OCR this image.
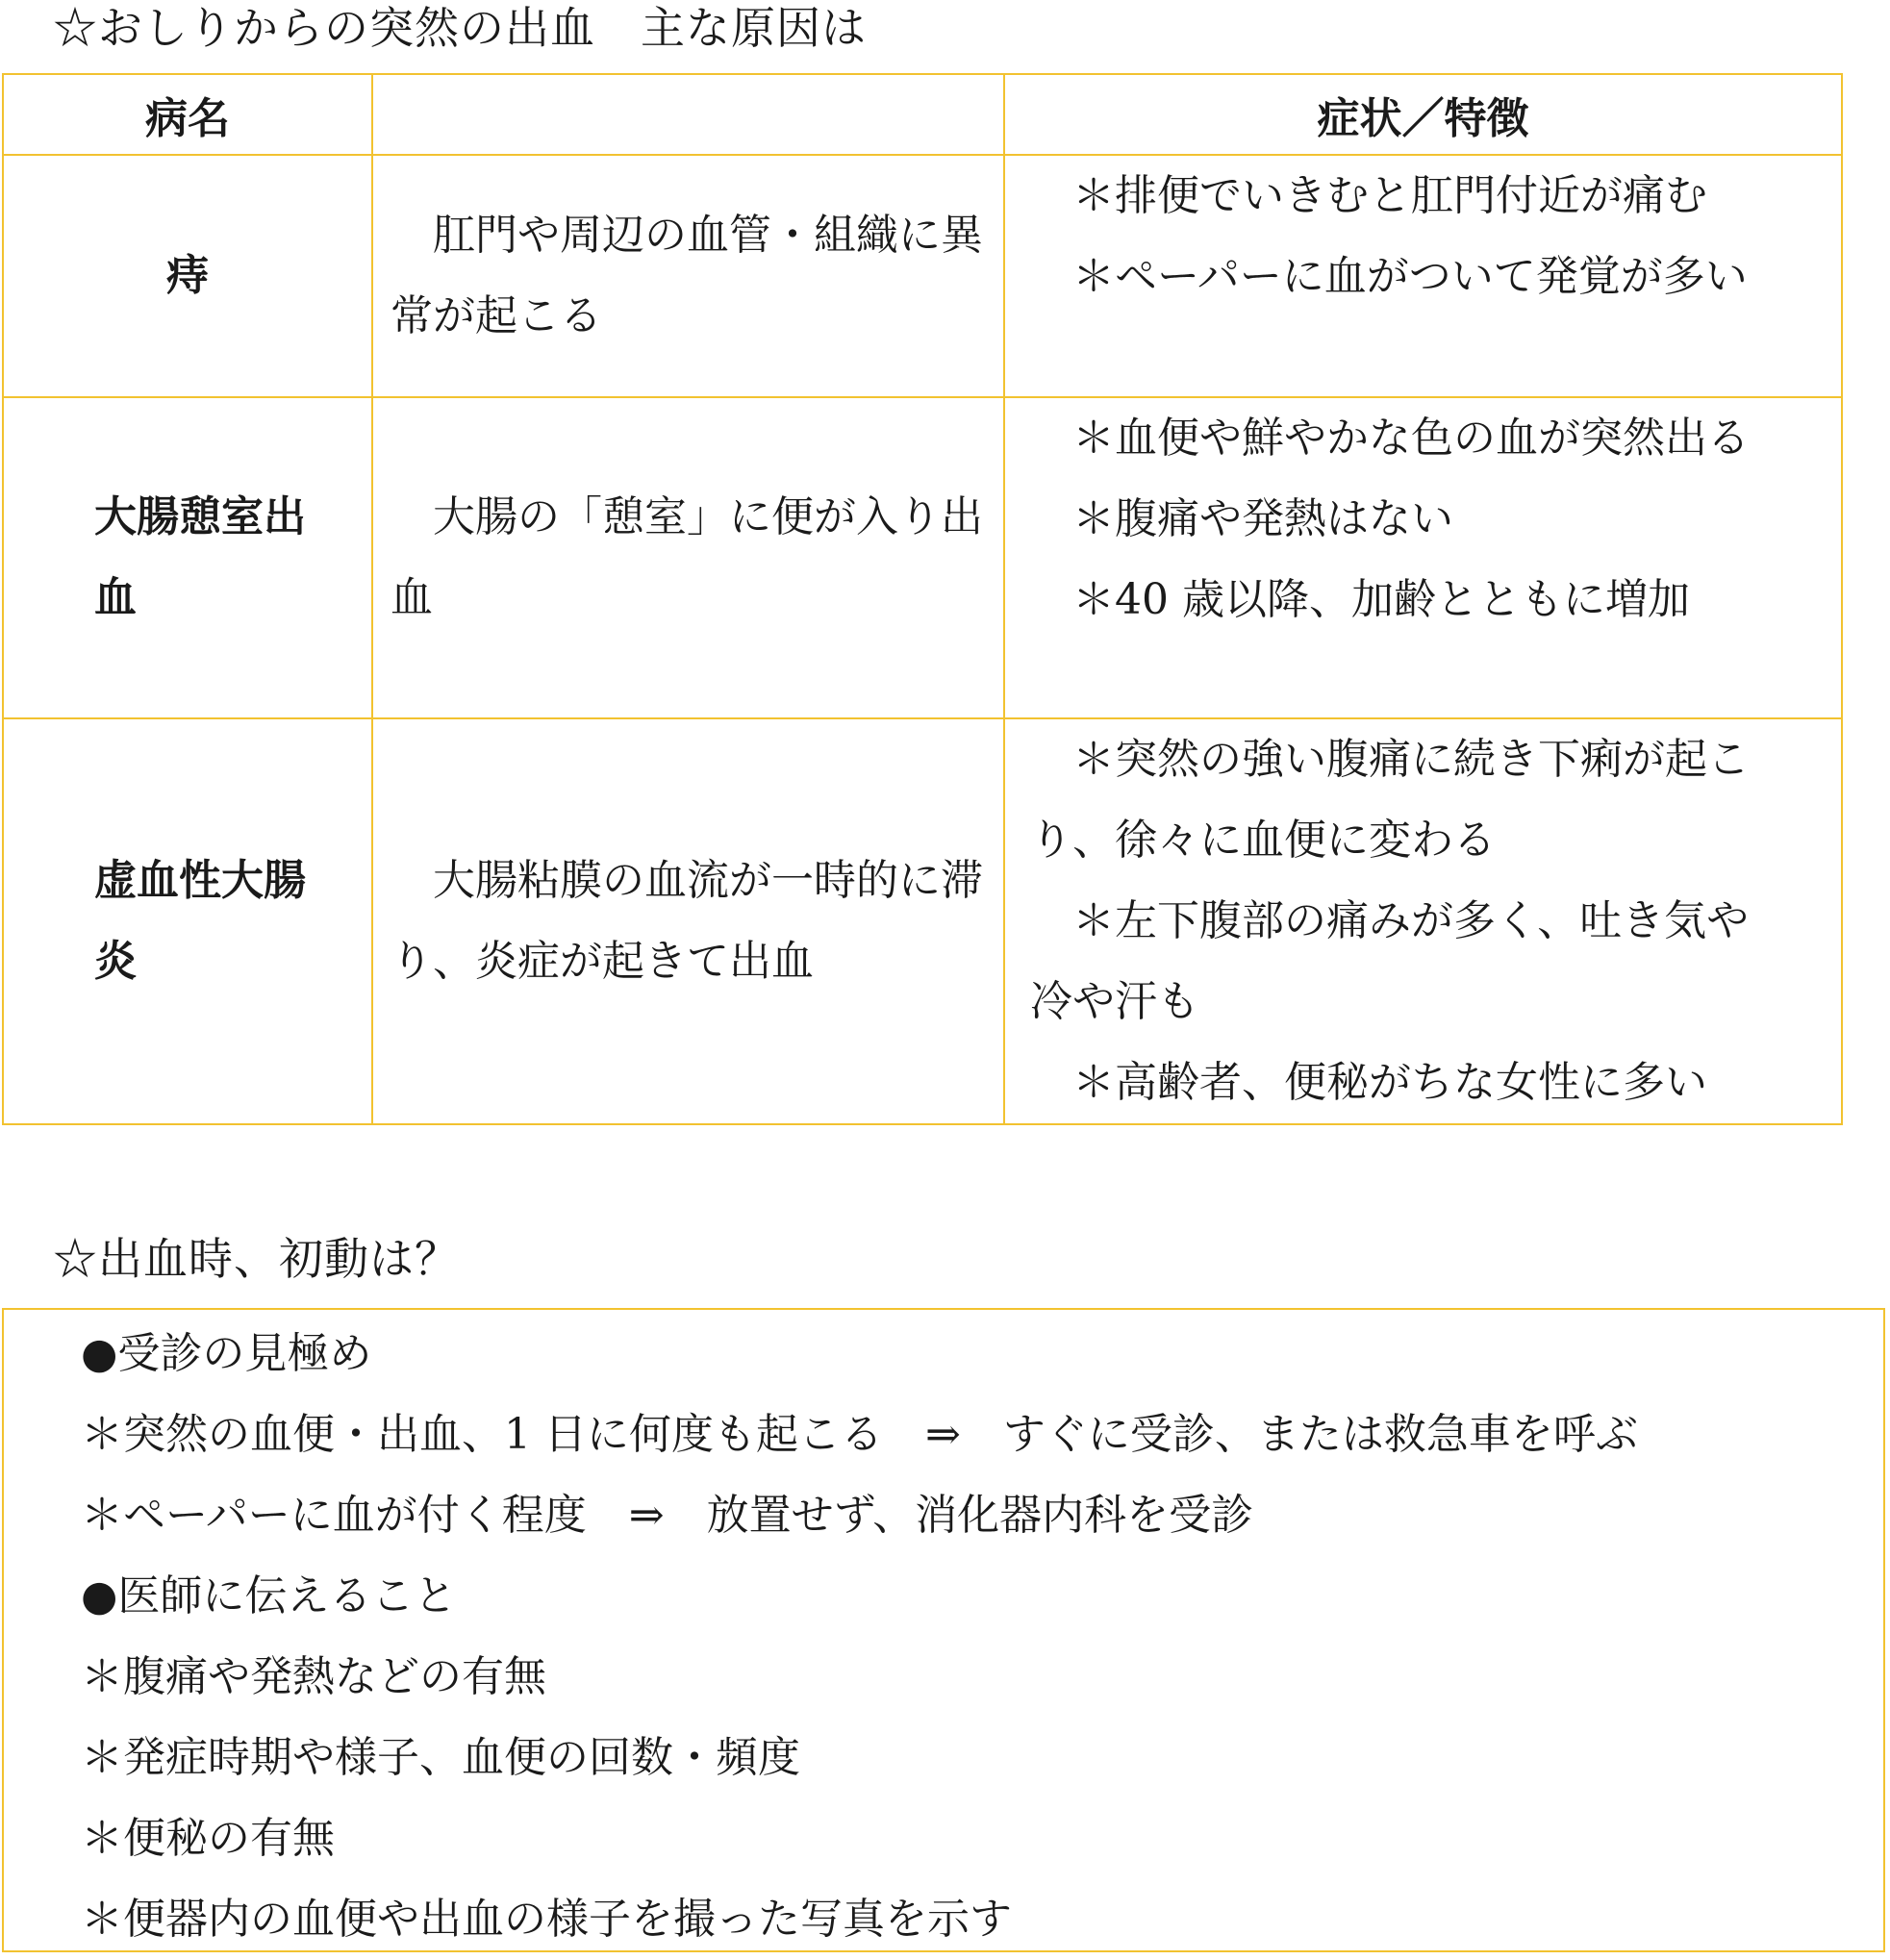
☆おしりからの突然の出血　主な原因は
病名		症状／特徴
痔	肛門や周辺の血管・組織に異常が起こる	＊排便でいきむと肛門付近が痛む

＊ペーパーに血がついて発覚が多い

大腸憩室出血	大腸の「憩室」に便が入り出血	＊血便や鮮やかな色の血が突然出る

＊腹痛や発熱はない

＊40 歳以降、加齢とともに増加

虚血性大腸炎	大腸粘膜の血流が一時的に滞り、炎症が起きて出血	＊突然の強い腹痛に続き下痢が起こり、徐々に血便に変わる

＊左下腹部の痛みが多く、吐き気や冷や汗も

＊高齢者、便秘がちな女性に多い

☆出血時、初動は？

●受診の見極め

＊突然の血便・出血、1 日に何度も起こる　⇒　すぐに受診、または救急車を呼ぶ

＊ペーパーに血が付く程度　⇒　放置せず、消化器内科を受診

●医師に伝えること

＊腹痛や発熱などの有無

＊発症時期や様子、血便の回数・頻度

＊便秘の有無

＊便器内の血便や出血の様子を撮った写真を示す
